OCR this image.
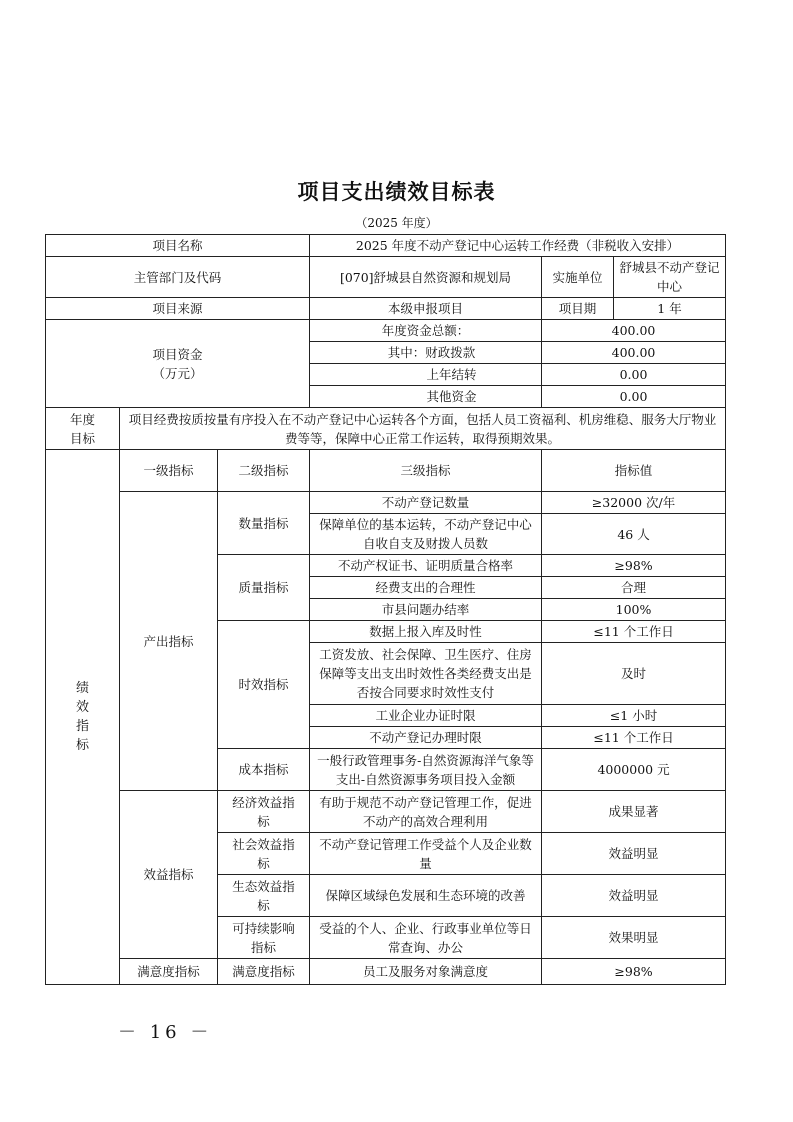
项目支出绩效目标表
（2025 年度）
项目名称			2025 年度不动产登记中心运转工作经费（非税收入安排）		
主管部门及代码			[070]舒城县自然资源和规划局	实施单位	舒城县不动产登记中心
项目来源			本级申报项目	项目期	1 年

项目资金
（万元）			年度资金总额：	400.00	
			其中：财政拨款	400.00	
			上年结转	0.00	
			其他资金	0.00	

年度
目标	项目经费按质按量有序投入在不动产登记中心运转各个方面，包括人员工资福利、机房维稳、服务大厅物业费等等，保障中心正常工作运转，取得预期效果。				

绩
效
指
标	一级指标	二级指标	三级指标	指标值	
	产出指标	数量指标	不动产登记数量	≥32000 次/年	
			保障单位的基本运转，不动产登记中心自收自支及财拨人员数	46 人	
		质量指标	不动产权证书、证明质量合格率	≥98%	
			经费支出的合理性	合理	
			市县问题办结率	100%	
		时效指标	数据上报入库及时性	≤11 个工作日	
			工资发放、社会保障、卫生医疗、住房保障等支出支出时效性各类经费支出是否按合同要求时效性支付	及时	
			工业企业办证时限	≤1 小时	
			不动产登记办理时限	≤11 个工作日	
		成本指标	一般行政管理事务-自然资源海洋气象等支出-自然资源事务项目投入金额	4000000 元	
	效益指标	经济效益指标	有助于规范不动产登记管理工作，促进不动产的高效合理利用	成果显著	
		社会效益指标	不动产登记管理工作受益个人及企业数量	效益明显	
		生态效益指标	保障区域绿色发展和生态环境的改善	效益明显	
		可持续影响指标	受益的个人、企业、行政事业单位等日常查询、办公	效果明显	
	满意度指标	满意度指标	员工及服务对象满意度	≥98%	
－ 16 －
